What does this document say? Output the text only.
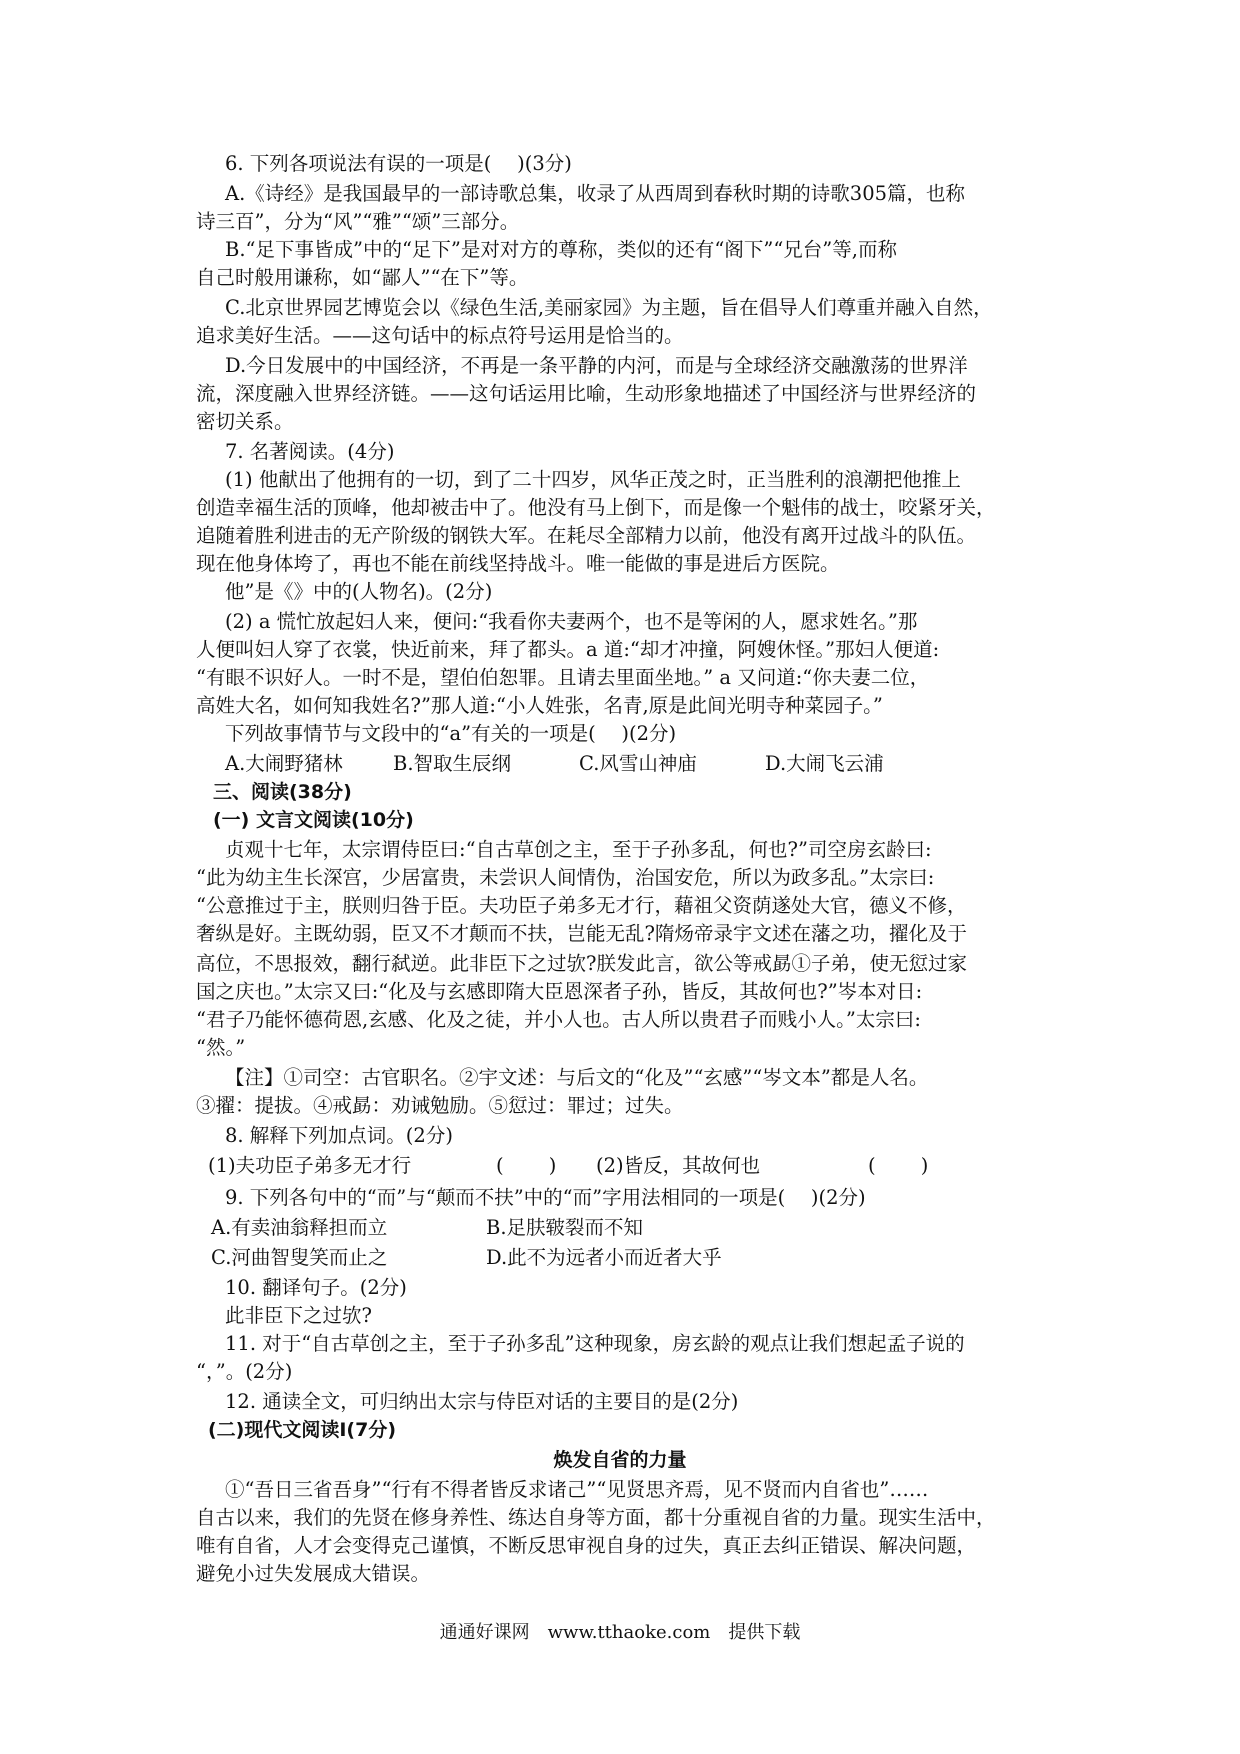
6. 下列各项说法有误的一项是(　 )(3分)
A.《诗经》是我国最早的一部诗歌总集，收录了从西周到春秋时期的诗歌305篇，也称
诗三百”，分为“风”“雅”“颂”三部分。
B.“足下事皆成”中的“足下”是对对方的尊称，类似的还有“阁下”“兄台”等,而称
自己时般用谦称，如“鄙人”“在下”等。
C.北京世界园艺博览会以《绿色生活,美丽家园》为主题，旨在倡导人们尊重并融入自然，
追求美好生活。——这句话中的标点符号运用是恰当的。
D.今日发展中的中国经济，不再是一条平静的内河，而是与全球经济交融激荡的世界洋
流，深度融入世界经济链。——这句话运用比喻，生动形象地描述了中国经济与世界经济的
密切关系。
7. 名著阅读。(4分)
(1) 他献出了他拥有的一切，到了二十四岁，风华正茂之时，正当胜利的浪潮把他推上
创造幸福生活的顶峰，他却被击中了。他没有马上倒下，而是像一个魁伟的战士，咬紧牙关，
追随着胜利进击的无产阶级的钢铁大军。在耗尽全部精力以前，他没有离开过战斗的队伍。
现在他身体垮了，再也不能在前线坚持战斗。唯一能做的事是进后方医院。
他”是《》中的(人物名)。(2分)
(2) a 慌忙放起妇人来，便问:“我看你夫妻两个，也不是等闲的人，愿求姓名。”那
人便叫妇人穿了衣裳，快近前来，拜了都头。a 道:“却才冲撞，阿嫂休怪。”那妇人便道:
“有眼不识好人。一时不是，望伯伯恕罪。且请去里面坐地。” a 又问道:“你夫妻二位，
高姓大名，如何知我姓名?”那人道:“小人姓张，名青,原是此间光明寺种菜园子。”
下列故事情节与文段中的“a”有关的一项是(　 )(2分)
A.大闹野猪林	B.智取生辰纲	C.风雪山神庙	D.大闹飞云浦
三、阅读(38分)
(一) 文言文阅读(10分)
贞观十七年，太宗谓侍臣曰:“自古草创之主，至于子孙多乱，何也?”司空房玄龄曰:
“此为幼主生长深宫，少居富贵，未尝识人间情伪，治国安危，所以为政多乱。”太宗曰:
“公意推过于主，朕则归咎于臣。夫功臣子弟多无才行，藉祖父资荫遂处大官，德义不修，
奢纵是好。主既幼弱，臣又不才颠而不扶，岂能无乱?隋炀帝录宇文述在藩之功，擢化及于
高位，不思报效，翻行弑逆。此非臣下之过欤?朕发此言，欲公等戒勗①子弟，使无愆过家
国之庆也。”太宗又曰:“化及与玄感即隋大臣恩深者子孙，皆反，其故何也?”岑本对日:
“君子乃能怀德荷恩,玄感、化及之徒，并小人也。古人所以贵君子而贱小人。”太宗曰:
“然。”
【注】①司空：古官职名。②宇文述：与后文的“化及”“玄感”“岑文本”都是人名。
③擢：提拔。④戒勗：劝诫勉励。⑤愆过：罪过；过失。
8. 解释下列加点词。(2分)
(1)夫功臣子弟多无才行	(　　 )	(2)皆反，其故何也	(　　 )
9. 下列各句中的“而”与“颠而不扶”中的“而”字用法相同的一项是(　 )(2分)
A.有卖油翁释担而立	B.足肤皲裂而不知
C.河曲智叟笑而止之	D.此不为远者小而近者大乎
10. 翻译句子。(2分)
此非臣下之过欤?
11. 对于“自古草创之主，至于子孙多乱”这种现象，房玄龄的观点让我们想起孟子说的
“，”。(2分)
12. 通读全文，可归纳出太宗与侍臣对话的主要目的是(2分)
(二)现代文阅读Ⅰ(7分)
焕发自省的力量
①“吾日三省吾身”“行有不得者皆反求诸己”“见贤思齐焉，见不贤而内自省也”……
自古以来，我们的先贤在修身养性、练达自身等方面，都十分重视自省的力量。现实生活中，
唯有自省，人才会变得克己谨慎，不断反思审视自身的过失，真正去纠正错误、解决问题，
避免小过失发展成大错误。
通通好课网　www.tthaoke.com　提供下载
